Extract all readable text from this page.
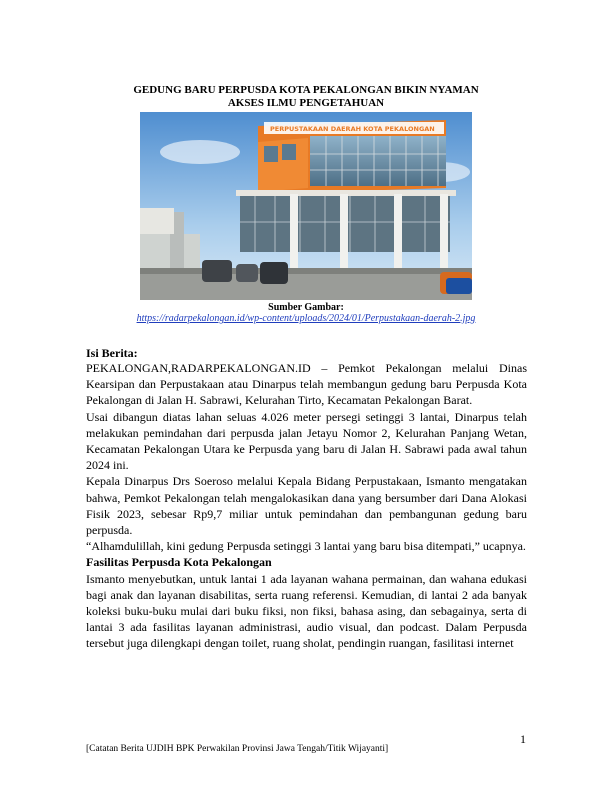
GEDUNG BARU PERPUSDA KOTA PEKALONGAN BIKIN NYAMAN
AKSES ILMU PENGETAHUAN
PERPUSTAKAAN DAERAH KOTA PEKALONGAN
Sumber Gambar:
https://radarpekalongan.id/wp-content/uploads/2024/01/Perpustakaan-daerah-2.jpg
Isi Berita:

PEKALONGAN,RADARPEKALONGAN.ID – Pemkot Pekalongan melalui Dinas Kearsipan dan Perpustakaan atau Dinarpus telah membangun gedung baru Perpusda Kota Pekalongan di Jalan H. Sabrawi, Kelurahan Tirto, Kecamatan Pekalongan Barat.

Usai dibangun diatas lahan seluas 4.026 meter persegi setinggi 3 lantai, Dinarpus telah melakukan pemindahan dari perpusda jalan Jetayu Nomor 2, Kelurahan Panjang Wetan, Kecamatan Pekalongan Utara ke Perpusda yang baru di Jalan H. Sabrawi pada awal tahun 2024 ini.

Kepala Dinarpus Drs Soeroso melalui Kepala Bidang Perpustakaan, Ismanto mengatakan bahwa, Pemkot Pekalongan telah mengalokasikan dana yang bersumber dari Dana Alokasi Fisik 2023, sebesar Rp9,7 miliar untuk pemindahan dan pembangunan gedung baru perpusda.

“Alhamdulillah, kini gedung Perpusda setinggi 3 lantai yang baru bisa ditempati,” ucapnya.

Fasilitas Perpusda Kota Pekalongan

Ismanto menyebutkan, untuk lantai 1 ada layanan wahana permainan, dan wahana edukasi bagi anak dan layanan disabilitas, serta ruang referensi. Kemudian, di lantai 2 ada banyak koleksi buku-buku mulai dari buku fiksi, non fiksi, bahasa asing, dan sebagainya, serta di lantai 3 ada fasilitas layanan administrasi, audio visual, dan podcast. Dalam Perpusda tersebut juga dilengkapi dengan toilet, ruang sholat, pendingin ruangan, fasilitasi internet

1
[Catatan Berita UJDIH BPK Perwakilan Provinsi Jawa Tengah/Titik Wijayanti]
